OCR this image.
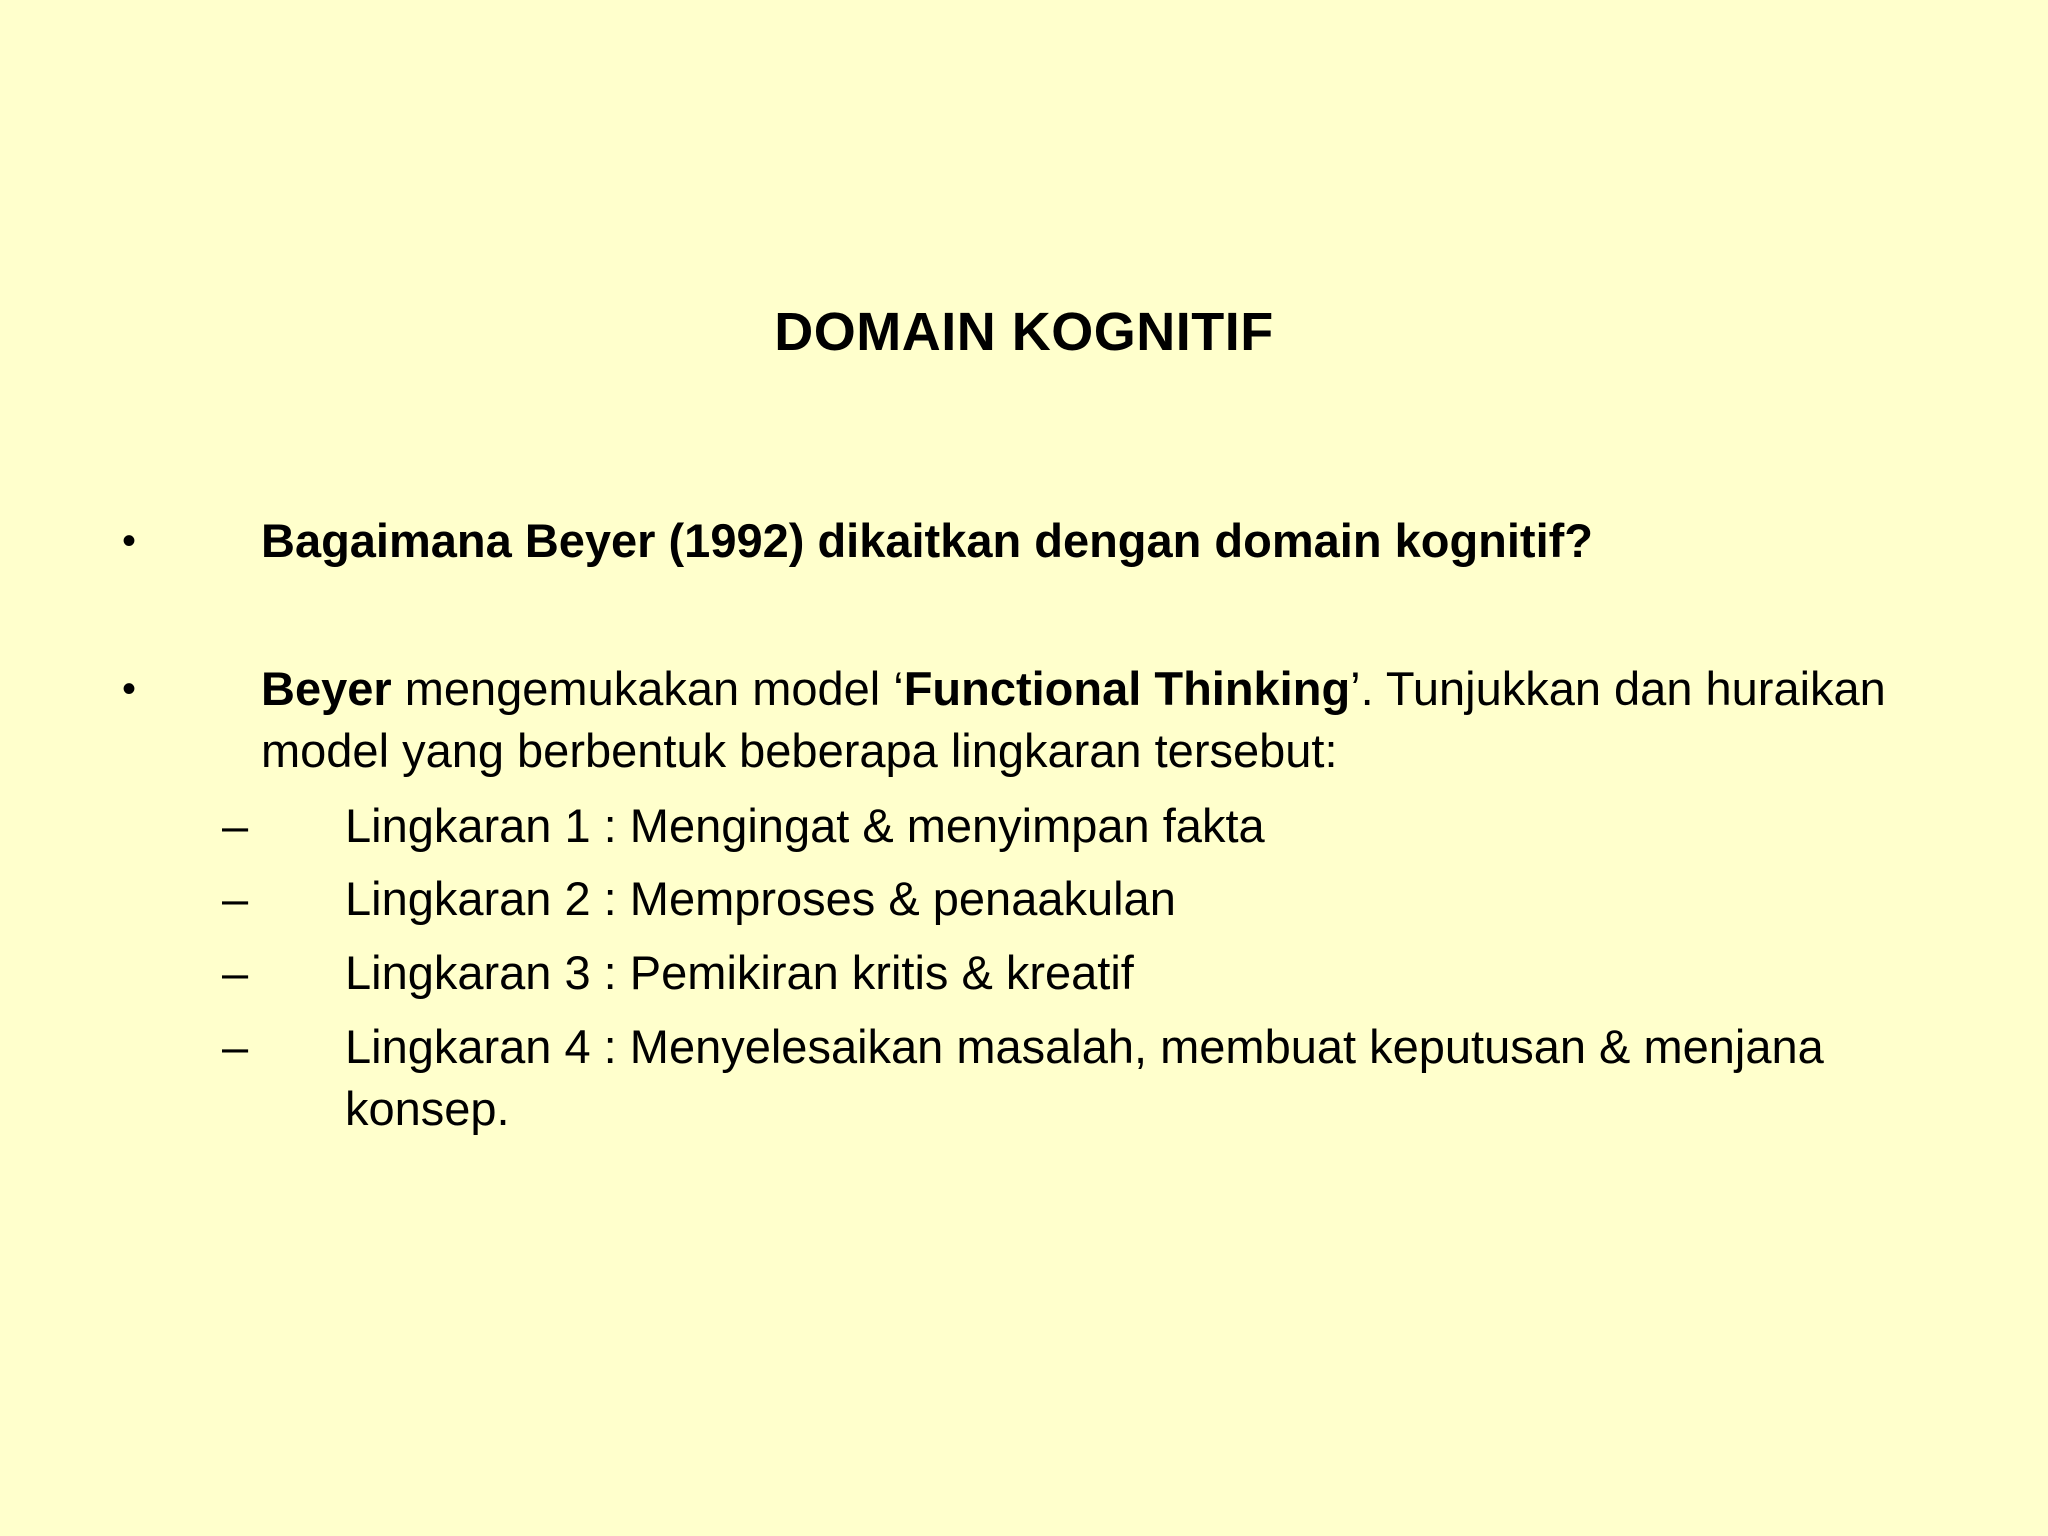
DOMAIN KOGNITIF
•	Bagaimana Beyer (1992) dikaitkan dengan domain kognitif?
•	Beyer mengemukakan model ‘Functional Thinking’. Tunjukkan dan huraikan model yang berbentuk beberapa lingkaran tersebut:
– Lingkaran 1 : Mengingat & menyimpan fakta
– Lingkaran 2 : Memproses & penaakulan
– Lingkaran 3 : Pemikiran kritis & kreatif
– Lingkaran 4 : Menyelesaikan masalah, membuat keputusan & menjana konsep.
